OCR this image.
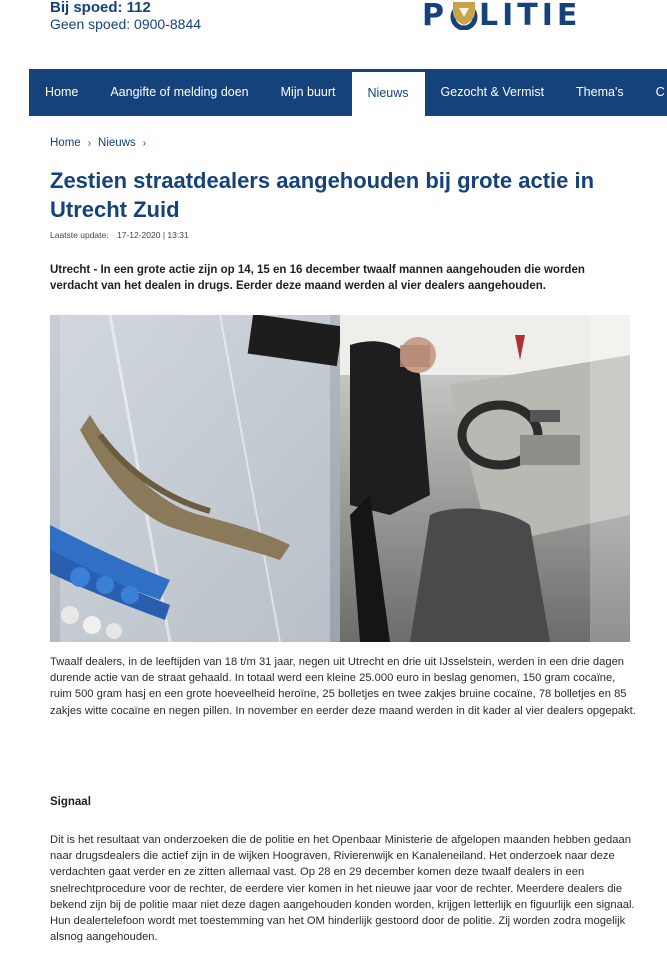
Bij spoed: 112
Geen spoed: 0900-8844	P LITIE
Home	Aangifte of melding doen	Mijn buurt	Nieuws	Gezocht & Vermist	Thema's	C
Home › Nieuws ›
Zestien straatdealers aangehouden bij grote actie in Utrecht Zuid
Laatste update: 17-12-2020 | 13:31

Utrecht - In een grote actie zijn op 14, 15 en 16 december twaalf mannen aangehouden die worden verdacht van het dealen in drugs. Eerder deze maand werden al vier dealers aangehouden.

Twaalf dealers, in de leeftijden van 18 t/m 31 jaar, negen uit Utrecht en drie uit IJsselstein, werden in een drie dagen durende actie van de straat gehaald. In totaal werd een kleine 25.000 euro in beslag genomen, 150 gram cocaïne, ruim 500 gram hasj en een grote hoeveelheid heroïne, 25 bolletjes en twee zakjes bruine cocaïne, 78 bolletjes en 85 zakjes witte cocaïne en negen pillen. In november en eerder deze maand werden in dit kader al vier dealers opgepakt.

Signaal

Dit is het resultaat van onderzoeken die de politie en het Openbaar Ministerie de afgelopen maanden hebben gedaan naar drugsdealers die actief zijn in de wijken Hoograven, Rivierenwijk en Kanaleneiland. Het onderzoek naar deze verdachten gaat verder en ze zitten allemaal vast. Op 28 en 29 december komen deze twaalf dealers in een snelrechtprocedure voor de rechter, de eerdere vier komen in het nieuwe jaar voor de rechter. Meerdere dealers die bekend zijn bij de politie maar niet deze dagen aangehouden konden worden, krijgen letterlijk en figuurlijk een signaal. Hun dealertelefoon wordt met toestemming van het OM hinderlijk gestoord door de politie. Zij worden zodra mogelijk alsnog aangehouden.
